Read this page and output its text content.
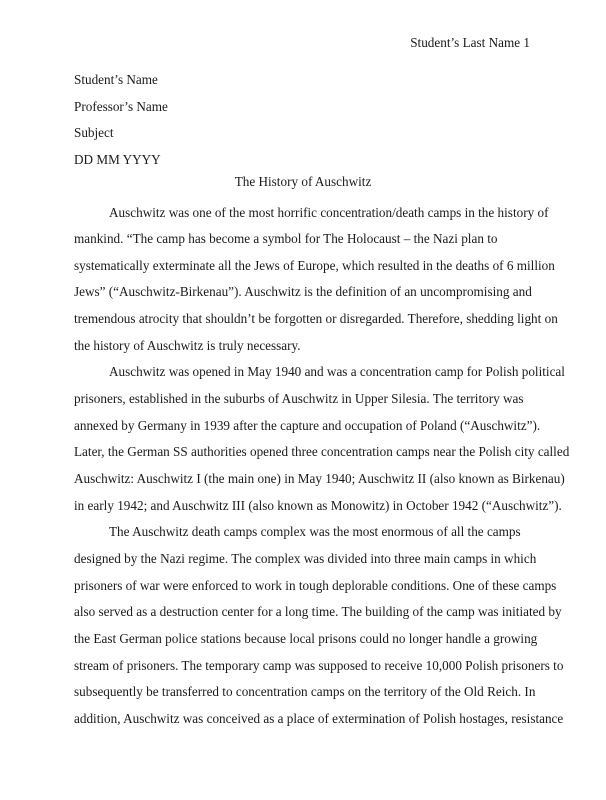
Student’s Last Name 1
Student’s Name
Professor’s Name
Subject
DD MM YYYY
The History of Auschwitz
Auschwitz was one of the most horrific concentration/death camps in the history of
mankind. “The camp has become a symbol for The Holocaust – the Nazi plan to
systematically exterminate all the Jews of Europe, which resulted in the deaths of 6 million
Jews” (“Auschwitz-Birkenau”). Auschwitz is the definition of an uncompromising and
tremendous atrocity that shouldn’t be forgotten or disregarded. Therefore, shedding light on
the history of Auschwitz is truly necessary.
Auschwitz was opened in May 1940 and was a concentration camp for Polish political
prisoners, established in the suburbs of Auschwitz in Upper Silesia. The territory was
annexed by Germany in 1939 after the capture and occupation of Poland (“Auschwitz”).
Later, the German SS authorities opened three concentration camps near the Polish city called
Auschwitz: Auschwitz I (the main one) in May 1940; Auschwitz II (also known as Birkenau)
in early 1942; and Auschwitz III (also known as Monowitz) in October 1942 (“Auschwitz”).
The Auschwitz death camps complex was the most enormous of all the camps
designed by the Nazi regime. The complex was divided into three main camps in which
prisoners of war were enforced to work in tough deplorable conditions. One of these camps
also served as a destruction center for a long time. The building of the camp was initiated by
the East German police stations because local prisons could no longer handle a growing
stream of prisoners. The temporary camp was supposed to receive 10,000 Polish prisoners to
subsequently be transferred to concentration camps on the territory of the Old Reich. In
addition, Auschwitz was conceived as a place of extermination of Polish hostages, resistance
